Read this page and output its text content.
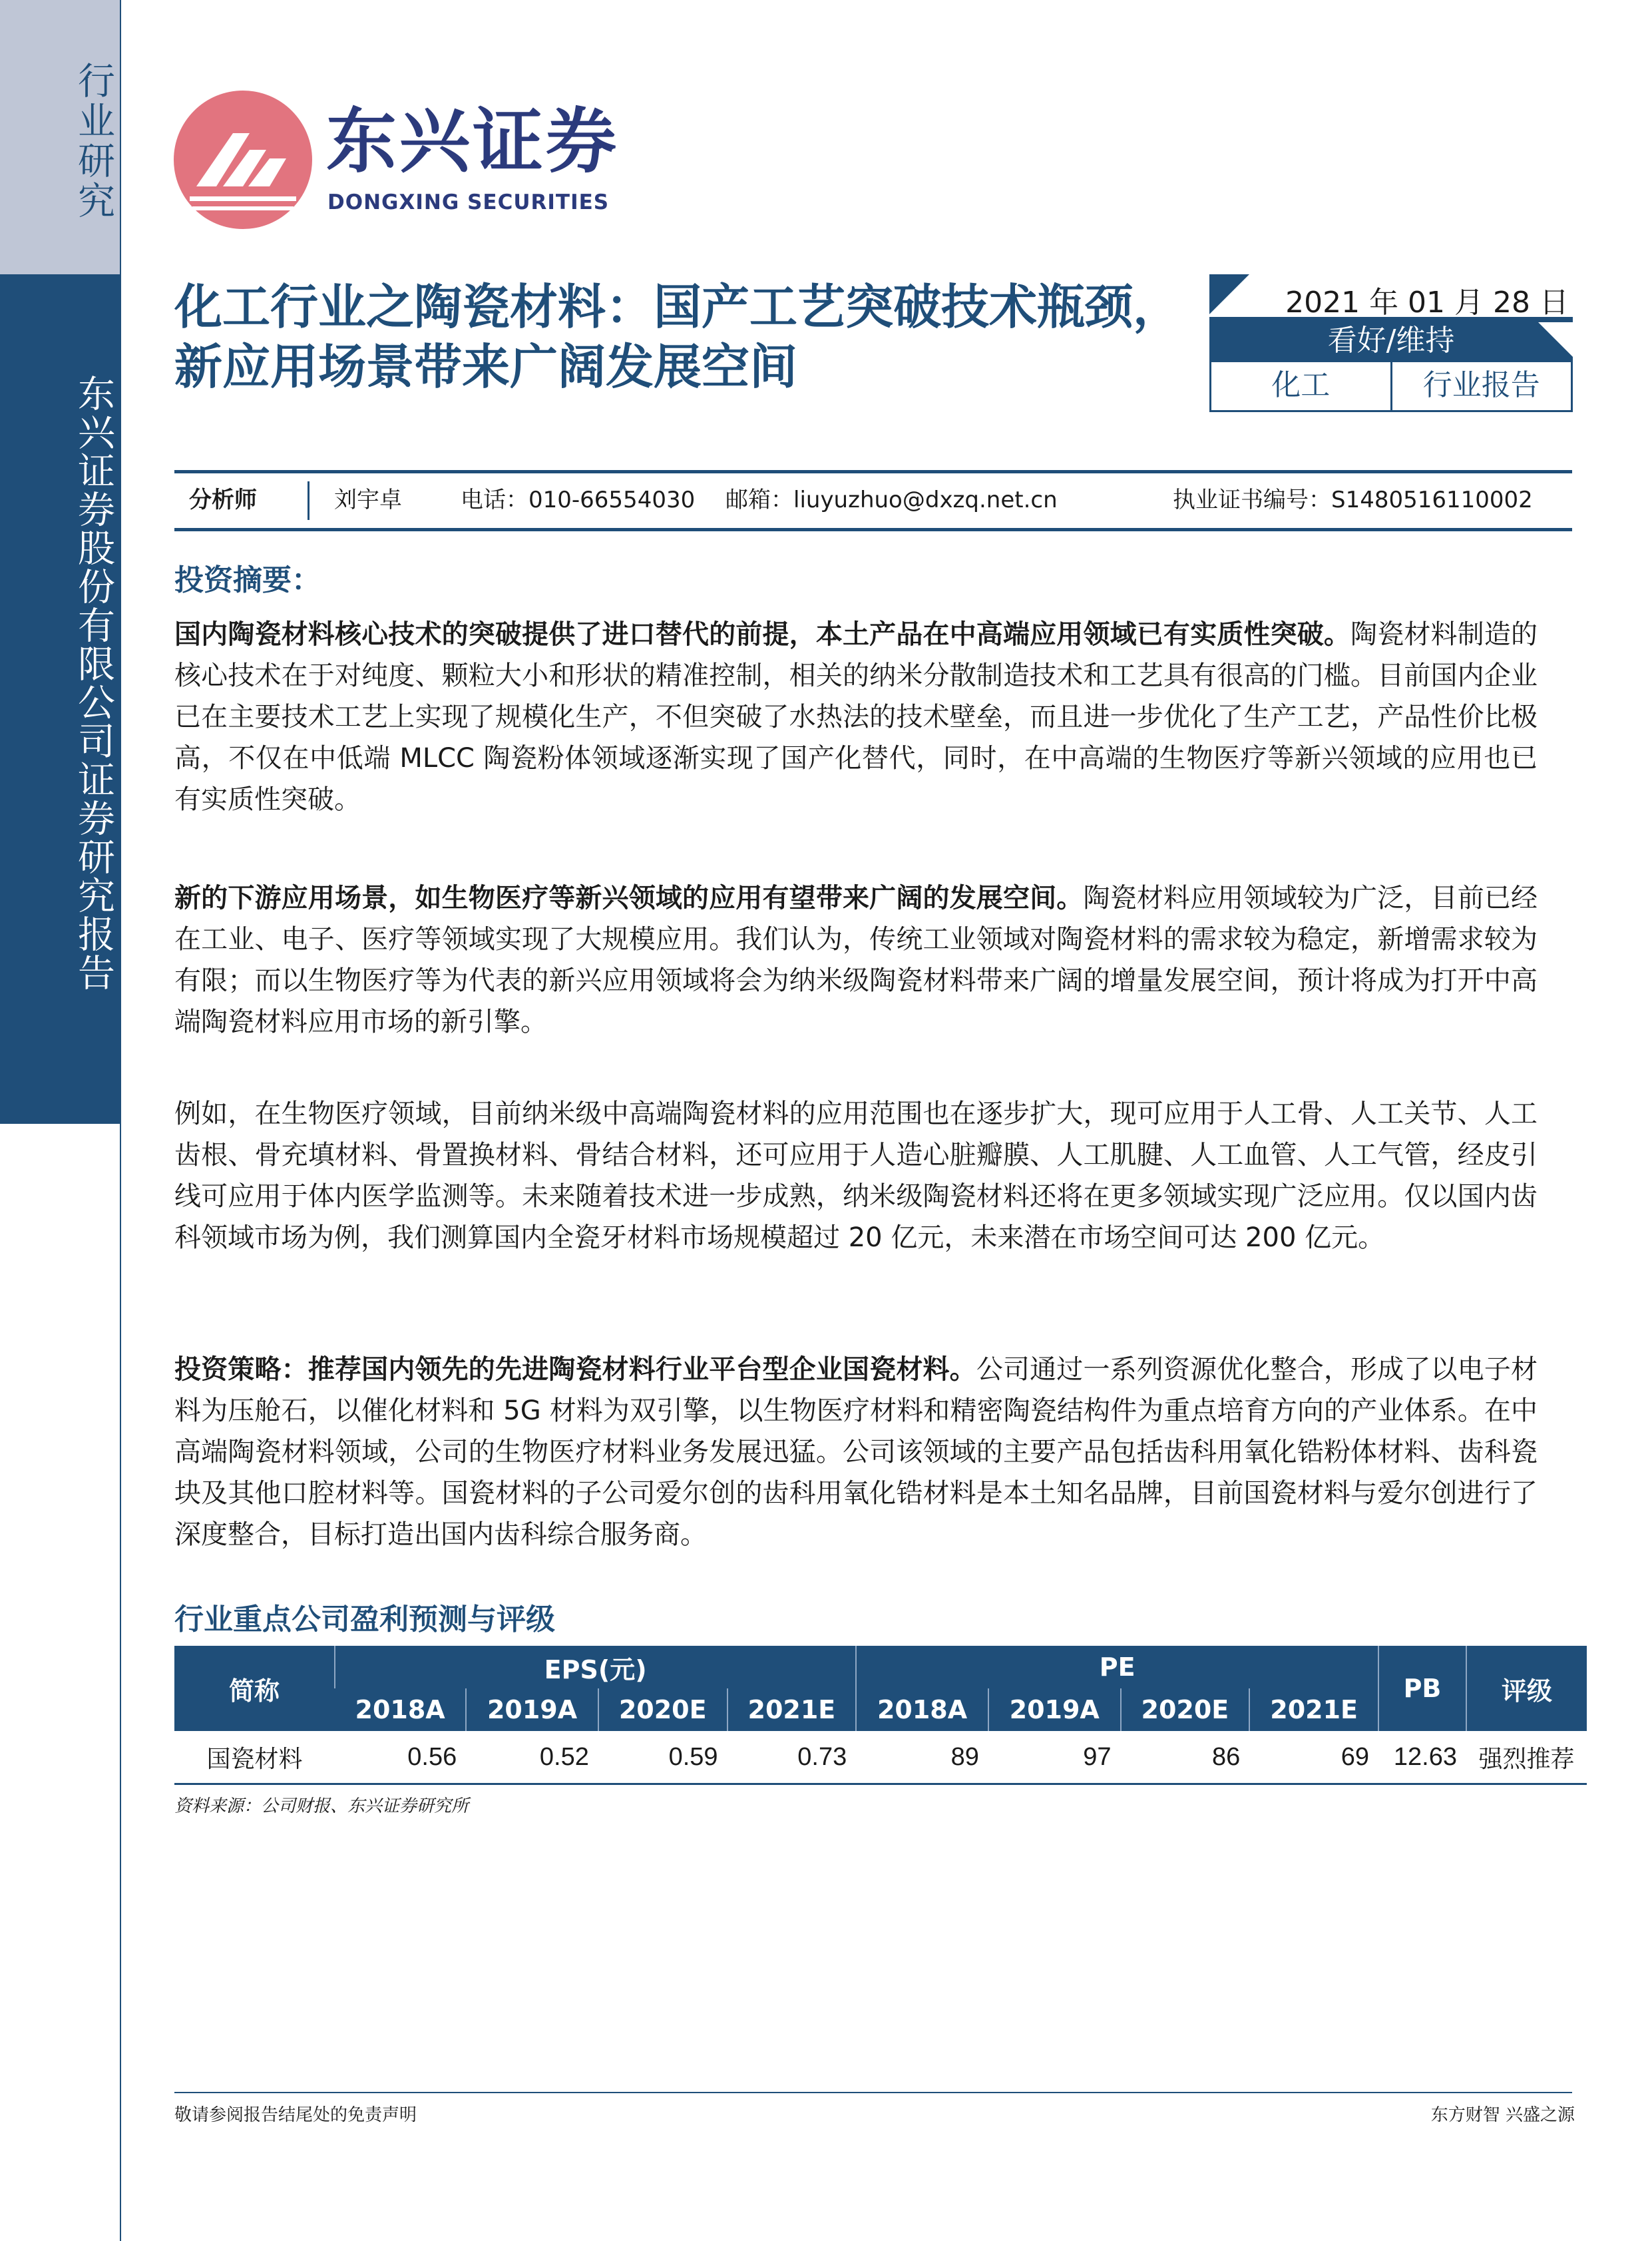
行业研究
东兴证券股份有限公司证券研究报告
东兴证券
DONGXING SECURITIES
化工行业之陶瓷材料：国产工艺突破技术瓶颈，新应用场景带来广阔发展空间
2021 年 01 月 28 日
看好/维持
化工	行业报告
分析师	刘宇卓	电话：010-66554030 邮箱：liuyuzhuo@dxzq.net.cn	执业证书编号：S1480516110002
投资摘要：

国内陶瓷材料核心技术的突破提供了进口替代的前提，本土产品在中高端应用领域已有实质性突破。陶瓷材料制造的核心技术在于对纯度、颗粒大小和形状的精准控制，相关的纳米分散制造技术和工艺具有很高的门槛。目前国内企业已在主要技术工艺上实现了规模化生产，不但突破了水热法的技术壁垒，而且进一步优化了生产工艺，产品性价比极高，不仅在中低端 MLCC 陶瓷粉体领域逐渐实现了国产化替代，同时，在中高端的生物医疗等新兴领域的应用也已有实质性突破。

新的下游应用场景，如生物医疗等新兴领域的应用有望带来广阔的发展空间。陶瓷材料应用领域较为广泛，目前已经在工业、电子、医疗等领域实现了大规模应用。我们认为，传统工业领域对陶瓷材料的需求较为稳定，新增需求较为有限；而以生物医疗等为代表的新兴应用领域将会为纳米级陶瓷材料带来广阔的增量发展空间，预计将成为打开中高端陶瓷材料应用市场的新引擎。

例如，在生物医疗领域，目前纳米级中高端陶瓷材料的应用范围也在逐步扩大，现可应用于人工骨、人工关节、人工齿根、骨充填材料、骨置换材料、骨结合材料，还可应用于人造心脏瓣膜、人工肌腱、人工血管、人工气管，经皮引线可应用于体内医学监测等。未来随着技术进一步成熟，纳米级陶瓷材料还将在更多领域实现广泛应用。仅以国内齿科领域市场为例，我们测算国内全瓷牙材料市场规模超过 20 亿元，未来潜在市场空间可达 200 亿元。

投资策略：推荐国内领先的先进陶瓷材料行业平台型企业国瓷材料。公司通过一系列资源优化整合，形成了以电子材料为压舱石，以催化材料和 5G 材料为双引擎，以生物医疗材料和精密陶瓷结构件为重点培育方向的产业体系。在中高端陶瓷材料领域，公司的生物医疗材料业务发展迅猛。公司该领域的主要产品包括齿科用氧化锆粉体材料、齿科瓷块及其他口腔材料等。国瓷材料的子公司爱尔创的齿科用氧化锆材料是本土知名品牌，目前国瓷材料与爱尔创进行了深度整合，目标打造出国内齿科综合服务商。

行业重点公司盈利预测与评级
简称	EPS(元)				PE				PB	评级
	2018A	2019A	2020E	2021E	2018A	2019A	2020E	2021E		
国瓷材料	0.56	0.52	0.59	0.73	89	97	86	69	12.63	强烈推荐
资料来源：公司财报、东兴证券研究所
敬请参阅报告结尾处的免责声明	东方财智 兴盛之源
